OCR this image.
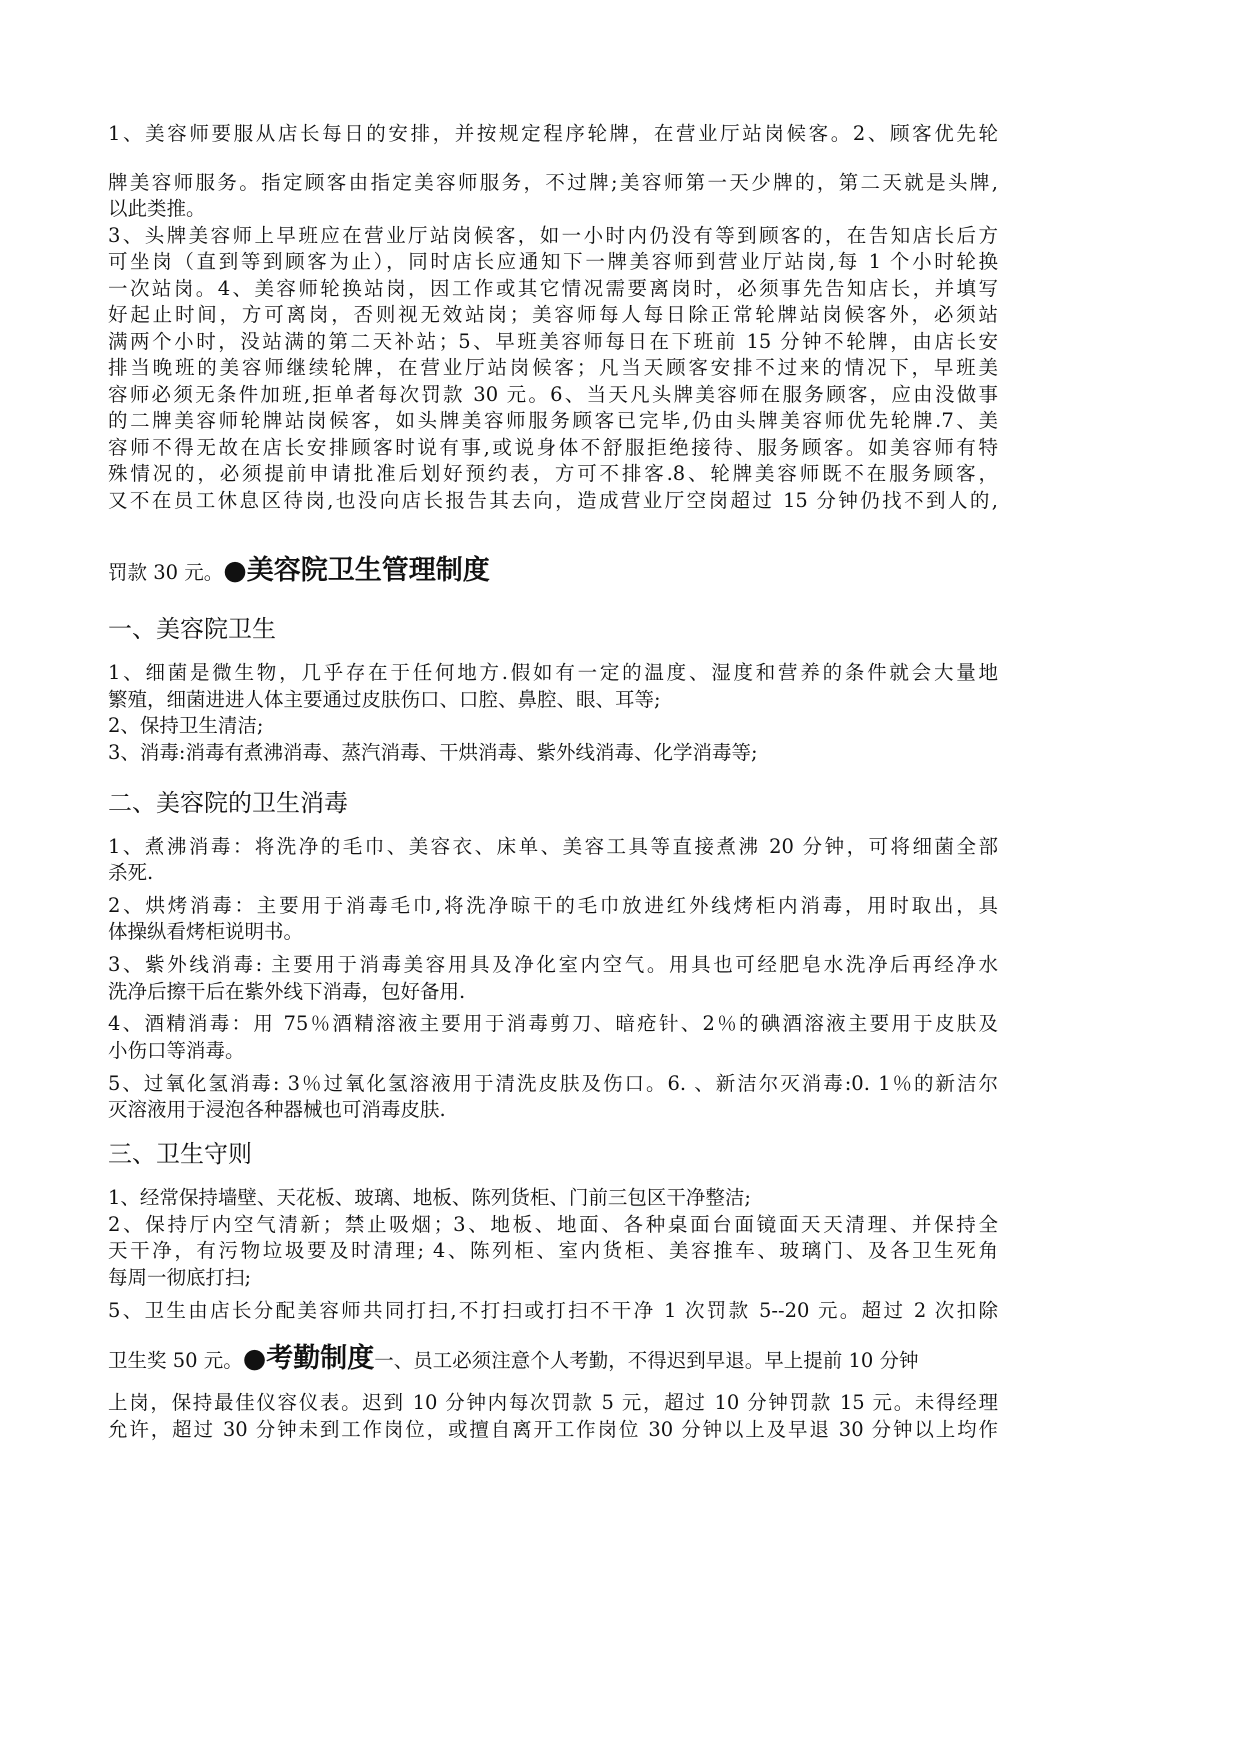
1、美容师要服从店长每日的安排，并按规定程序轮牌，在营业厅站岗候客。2、顾客优先轮
牌美容师服务。指定顾客由指定美容师服务，不过牌;美容师第一天少牌的，第二天就是头牌,
以此类推。
3、头牌美容师上早班应在营业厅站岗候客，如一小时内仍没有等到顾客的，在告知店长后方
可坐岗（直到等到顾客为止），同时店长应通知下一牌美容师到营业厅站岗,每 1 个小时轮换
一次站岗。4、美容师轮换站岗，因工作或其它情况需要离岗时，必须事先告知店长，并填写
好起止时间，方可离岗，否则视无效站岗；美容师每人每日除正常轮牌站岗候客外，必须站
满两个小时，没站满的第二天补站；5、早班美容师每日在下班前 15 分钟不轮牌，由店长安
排当晚班的美容师继续轮牌，在营业厅站岗候客；凡当天顾客安排不过来的情况下，早班美
容师必须无条件加班,拒单者每次罚款 30 元。6、当天凡头牌美容师在服务顾客，应由没做事
的二牌美容师轮牌站岗候客，如头牌美容师服务顾客已完毕,仍由头牌美容师优先轮牌.7、美
容师不得无故在店长安排顾客时说有事,或说身体不舒服拒绝接待、服务顾客。如美容师有特
殊情况的，必须提前申请批准后划好预约表，方可不排客.8、轮牌美容师既不在服务顾客，
又不在员工休息区待岗,也没向店长报告其去向，造成营业厅空岗超过 15 分钟仍找不到人的,
罚款 30 元。●美容院卫生管理制度
一、美容院卫生
1、细菌是微生物，几乎存在于任何地方.假如有一定的温度、湿度和营养的条件就会大量地
繁殖，细菌进进人体主要通过皮肤伤口、口腔、鼻腔、眼、耳等;
2、保持卫生清洁;
3、消毒:消毒有煮沸消毒、蒸汽消毒、干烘消毒、紫外线消毒、化学消毒等;
二、美容院的卫生消毒
1、煮沸消毒：将洗净的毛巾、美容衣、床单、美容工具等直接煮沸 20 分钟，可将细菌全部
杀死.
2、烘烤消毒：主要用于消毒毛巾,将洗净晾干的毛巾放进红外线烤柜内消毒，用时取出，具
体操纵看烤柜说明书。
3、紫外线消毒: 主要用于消毒美容用具及净化室内空气。用具也可经肥皂水洗净后再经净水
洗净后擦干后在紫外线下消毒，包好备用.
4、酒精消毒：用 75％酒精溶液主要用于消毒剪刀、暗疮针、2％的碘酒溶液主要用于皮肤及
小伤口等消毒。
5、过氧化氢消毒: 3％过氧化氢溶液用于清洗皮肤及伤口。6. 、新洁尔灭消毒:0. 1％的新洁尔
灭溶液用于浸泡各种器械也可消毒皮肤.
三、卫生守则
1、经常保持墙壁、天花板、玻璃、地板、陈列货柜、门前三包区干净整洁;
2、保持厅内空气清新；禁止吸烟；3、地板、地面、各种桌面台面镜面天天清理、并保持全
天干净，有污物垃圾要及时清理; 4、陈列柜、室内货柜、美容推车、玻璃门、及各卫生死角
每周一彻底打扫;
5、卫生由店长分配美容师共同打扫,不打扫或打扫不干净 1 次罚款 5--20 元。超过 2 次扣除
卫生奖 50 元。●考勤制度一、员工必须注意个人考勤，不得迟到早退。早上提前 10 分钟
上岗，保持最佳仪容仪表。迟到 10 分钟内每次罚款 5 元，超过 10 分钟罚款 15 元。未得经理
允许，超过 30 分钟未到工作岗位，或擅自离开工作岗位 30 分钟以上及早退 30 分钟以上均作
